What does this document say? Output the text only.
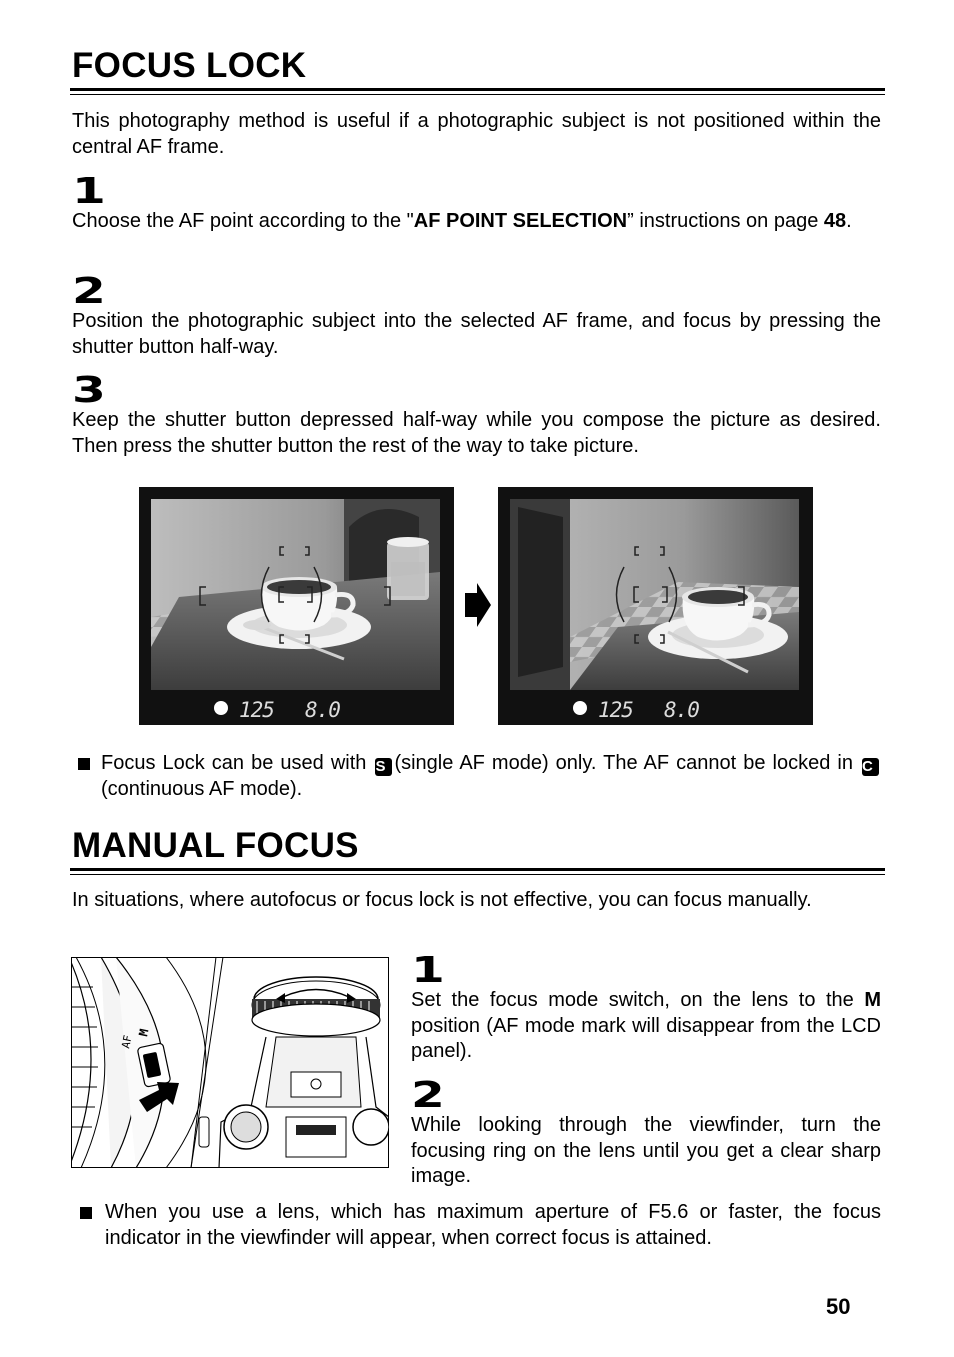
FOCUS LOCK

This photography method is useful if a photographic subject is not positioned within the central AF frame.

1

Choose the AF point according to the "AF POINT SELECTION” instructions on page 48.

2

Position the photographic subject into the selected AF frame, and focus by pressing the shutter button half-way.

3

Keep the shutter button depressed half-way while you compose the picture as desired. Then press the shutter button the rest of the way to take picture.

125 8.0	125 8.0
Focus Lock can be used with S (single AF mode) only. The AF cannot be locked in C (continuous AF mode).
MANUAL FOCUS

In situations, where autofocus or focus lock is not effective, you can focus manually.

AF
M
1

Set the focus mode switch, on the lens to the M position (AF mode mark will disappear from the LCD panel).

2

While looking through the viewfinder, turn the focusing ring on the lens until you get a clear sharp image.

When you use a lens, which has maximum aperture of F5.6 or faster, the focus indicator in the viewfinder will appear, when correct focus is attained.
50
